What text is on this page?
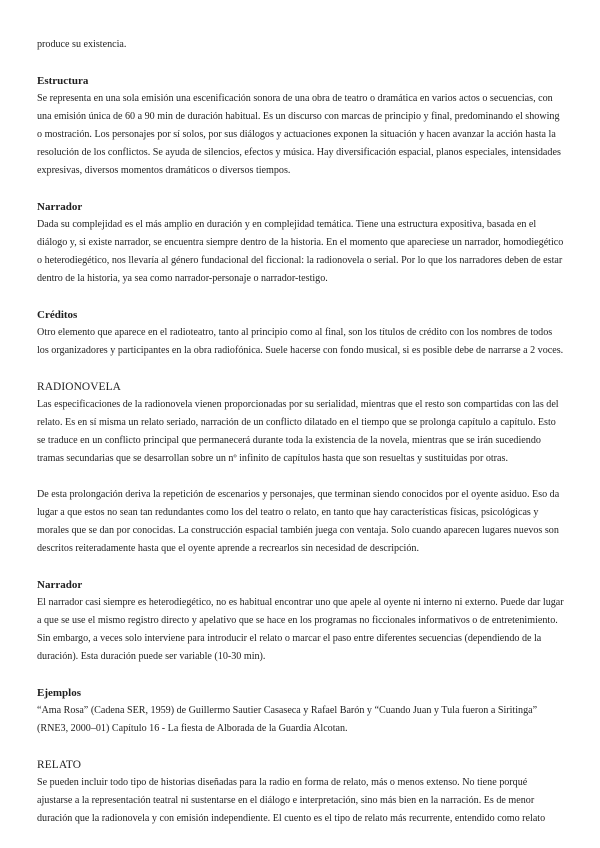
produce su existencia.

Estructura

Se representa en una sola emisión una escenificación sonora de una obra de teatro o dramática en varios actos o secuencias, con una emisión única de 60 a 90 min de duración habitual. Es un discurso con marcas de principio y final, predominando el showing o mostración. Los personajes por sí solos, por sus diálogos y actuaciones exponen la situación y hacen avanzar la acción hasta la resolución de los conflictos. Se ayuda de silencios, efectos y música. Hay diversificación espacial, planos especiales, intensidades expresivas, diversos momentos dramáticos o diversos tiempos.

Narrador

Dada su complejidad es el más amplio en duración y en complejidad temática. Tiene una estructura expositiva, basada en el diálogo y, si existe narrador, se encuentra siempre dentro de la historia. En el momento que apareciese un narrador, homodiegético o heterodiegético, nos llevaría al género fundacional del ficcional: la radionovela o serial. Por lo que los narradores deben de estar dentro de la historia, ya sea como narrador-personaje o narrador-testigo.

Créditos

Otro elemento que aparece en el radioteatro, tanto al principio como al final, son los títulos de crédito con los nombres de todos los organizadores y participantes en la obra radiofónica. Suele hacerse con fondo musical, si es posible debe de narrarse a 2 voces.

RADIONOVELA

Las especificaciones de la radionovela vienen proporcionadas por su serialidad, mientras que el resto son compartidas con las del relato. Es en sí misma un relato seriado, narración de un conflicto dilatado en el tiempo que se prolonga capítulo a capítulo. Esto se traduce en un conflicto principal que permanecerá durante toda la existencia de la novela, mientras que se irán sucediendo tramas secundarias que se desarrollan sobre un nº infinito de capítulos hasta que son resueltas y sustituidas por otras.

De esta prolongación deriva la repetición de escenarios y personajes, que terminan siendo conocidos por el oyente asiduo. Eso da lugar a que estos no sean tan redundantes como los del teatro o relato, en tanto que hay características físicas, psicológicas y morales que se dan por conocidas. La construcción espacial también juega con ventaja. Solo cuando aparecen lugares nuevos son descritos reiteradamente hasta que el oyente aprende a recrearlos sin necesidad de descripción.

Narrador

El narrador casi siempre es heterodiegético, no es habitual encontrar uno que apele al oyente ni interno ni externo. Puede dar lugar a que se use el mismo registro directo y apelativo que se hace en los programas no ficcionales informativos o de entretenimiento. Sin embargo, a veces solo interviene para introducir el relato o marcar el paso entre diferentes secuencias (dependiendo de la duración). Esta duración puede ser variable (10-30 min).

Ejemplos

“Ama Rosa” (Cadena SER, 1959) de Guillermo Sautier Casaseca y Rafael Barón y “Cuando Juan y Tula fueron a Siritinga” (RNE3, 2000–01) Capítulo 16 - La fiesta de Alborada de la Guardia Alcotan.

RELATO

Se pueden incluir todo tipo de historias diseñadas para la radio en forma de relato, más o menos extenso. No tiene porqué ajustarse a la representación teatral ni sustentarse en el diálogo e interpretación, sino más bien en la narración. Es de menor duración que la radionovela y con emisión independiente. El cuento es el tipo de relato más recurrente, entendido como relato
